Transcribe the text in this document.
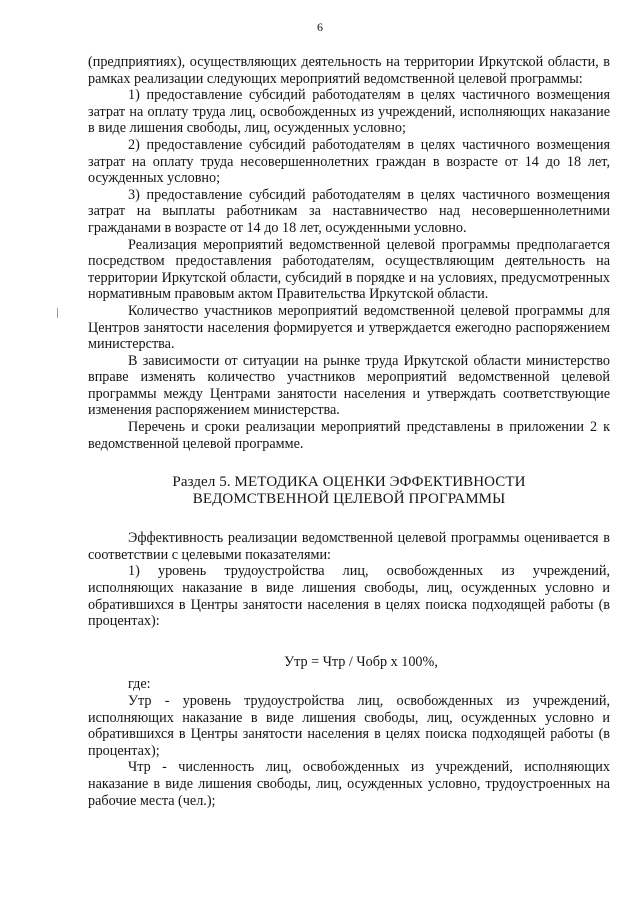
6

(предприятиях), осуществляющих деятельность на территории Иркутской области, в рамках реализации следующих мероприятий ведомственной целевой программы:

1) предоставление субсидий работодателям в целях частичного возмещения затрат на оплату труда лиц, освобожденных из учреждений, исполняющих наказание в виде лишения свободы, лиц, осужденных условно;

2) предоставление субсидий работодателям в целях частичного возмещения затрат на оплату труда несовершеннолетних граждан в возрасте от 14 до 18 лет, осужденных условно;

3) предоставление субсидий работодателям в целях частичного возмещения затрат на выплаты работникам за наставничество над несовершеннолетними гражданами в возрасте от 14 до 18 лет, осужденными условно.

Реализация мероприятий ведомственной целевой программы предполагается посредством предоставления работодателям, осуществляющим деятельность на территории Иркутской области, субсидий в порядке и на условиях, предусмотренных нормативным правовым актом Правительства Иркутской области.

Количество участников мероприятий ведомственной целевой программы для Центров занятости населения формируется и утверждается ежегодно распоряжением министерства.

В зависимости от ситуации на рынке труда Иркутской области министерство вправе изменять количество участников мероприятий ведомственной целевой программы между Центрами занятости населения и утверждать соответствующие изменения распоряжением министерства.

Перечень и сроки реализации мероприятий представлены в приложении 2 к ведомственной целевой программе.

Раздел 5. МЕТОДИКА ОЦЕНКИ ЭФФЕКТИВНОСТИ
ВЕДОМСТВЕННОЙ ЦЕЛЕВОЙ ПРОГРАММЫ

Эффективность реализации ведомственной целевой программы оценивается в соответствии с целевыми показателями:

1) уровень трудоустройства лиц, освобожденных из учреждений, исполняющих наказание в виде лишения свободы, лиц, осужденных условно и обратившихся в Центры занятости населения в целях поиска подходящей работы (в процентах):

Утр = Чтр / Чобр х 100%,
где:

Утр - уровень трудоустройства лиц, освобожденных из учреждений, исполняющих наказание в виде лишения свободы, лиц, осужденных условно и обратившихся в Центры занятости населения в целях поиска подходящей работы (в процентах);

Чтр - численность лиц, освобожденных из учреждений, исполняющих наказание в виде лишения свободы, лиц, осужденных условно, трудоустроенных на рабочие места (чел.);
